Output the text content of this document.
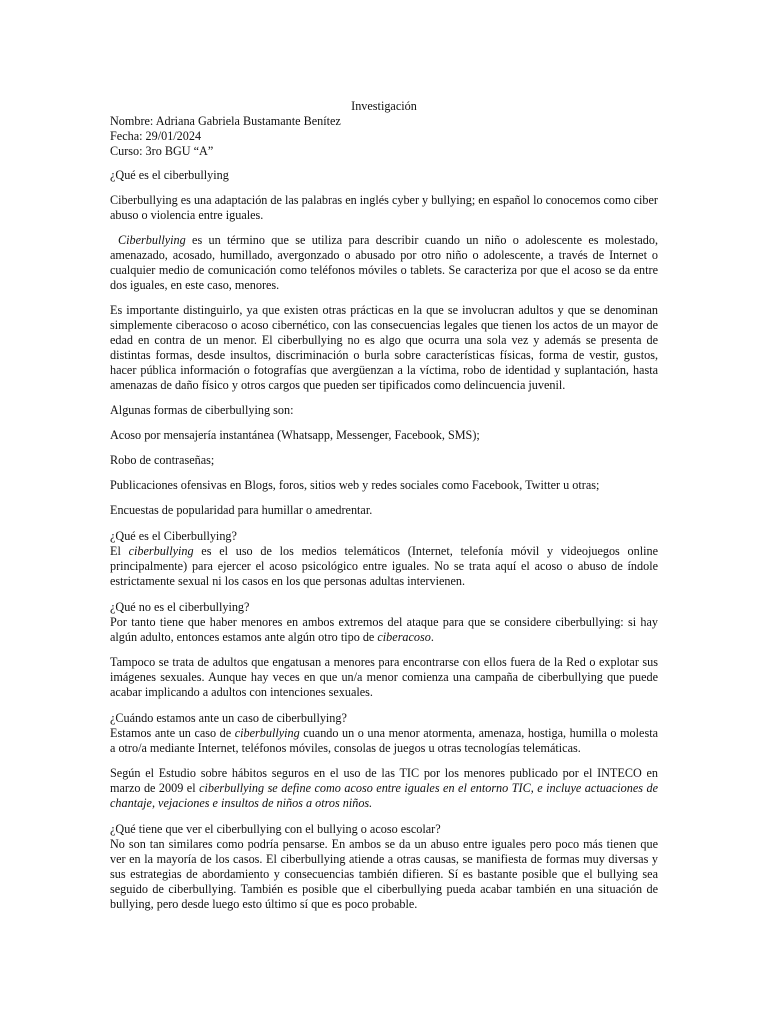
Investigación

Nombre: Adriana Gabriela Bustamante Benítez

Fecha: 29/01/2024

Curso: 3ro BGU “A”

¿Qué es el ciberbullying

Ciberbullying es una adaptación de las palabras en inglés cyber y bullying; en español lo conocemos como ciber abuso o violencia entre iguales.

Ciberbullying es un término que se utiliza para describir cuando un niño o adolescente es molestado, amenazado, acosado, humillado, avergonzado o abusado por otro niño o adolescente, a través de Internet o cualquier medio de comunicación como teléfonos móviles o tablets. Se caracteriza por que el acoso se da entre dos iguales, en este caso, menores.

Es importante distinguirlo, ya que existen otras prácticas en la que se involucran adultos y que se denominan simplemente ciberacoso o acoso cibernético, con las consecuencias legales que tienen los actos de un mayor de edad en contra de un menor. El ciberbullying no es algo que ocurra una sola vez y además se presenta de distintas formas, desde insultos, discriminación o burla sobre características físicas, forma de vestir, gustos, hacer pública información o fotografías que avergüenzan a la víctima, robo de identidad y suplantación, hasta amenazas de daño físico y otros cargos que pueden ser tipificados como delincuencia juvenil.

Algunas formas de ciberbullying son:

Acoso por mensajería instantánea (Whatsapp, Messenger, Facebook, SMS);

Robo de contraseñas;

Publicaciones ofensivas en Blogs, foros, sitios web y redes sociales como Facebook, Twitter u otras;

Encuestas de popularidad para humillar o amedrentar.

¿Qué es el Ciberbullying?

El ciberbullying es el uso de los medios telemáticos (Internet, telefonía móvil y videojuegos online principalmente) para ejercer el acoso psicológico entre iguales. No se trata aquí el acoso o abuso de índole estrictamente sexual ni los casos en los que personas adultas intervienen.

¿Qué no es el ciberbullying?

Por tanto tiene que haber menores en ambos extremos del ataque para que se considere ciberbullying: si hay algún adulto, entonces estamos ante algún otro tipo de ciberacoso.

Tampoco se trata de adultos que engatusan a menores para encontrarse con ellos fuera de la Red o explotar sus imágenes sexuales. Aunque hay veces en que un/a menor comienza una campaña de ciberbullying que puede acabar implicando a adultos con intenciones sexuales.

¿Cuándo estamos ante un caso de ciberbullying?

Estamos ante un caso de ciberbullying cuando un o una menor atormenta, amenaza, hostiga, humilla o molesta a otro/a mediante Internet, teléfonos móviles, consolas de juegos u otras tecnologías telemáticas.

Según el Estudio sobre hábitos seguros en el uso de las TIC por los menores publicado por el INTECO en marzo de 2009 el ciberbullying se define como acoso entre iguales en el entorno TIC, e incluye actuaciones de chantaje, vejaciones e insultos de niños a otros niños.

¿Qué tiene que ver el ciberbullying con el bullying o acoso escolar?

No son tan similares como podría pensarse. En ambos se da un abuso entre iguales pero poco más tienen que ver en la mayoría de los casos. El ciberbullying atiende a otras causas, se manifiesta de formas muy diversas y sus estrategias de abordamiento y consecuencias también difieren. Sí es bastante posible que el bullying sea seguido de ciberbullying. También es posible que el ciberbullying pueda acabar también en una situación de bullying, pero desde luego esto último sí que es poco probable.
